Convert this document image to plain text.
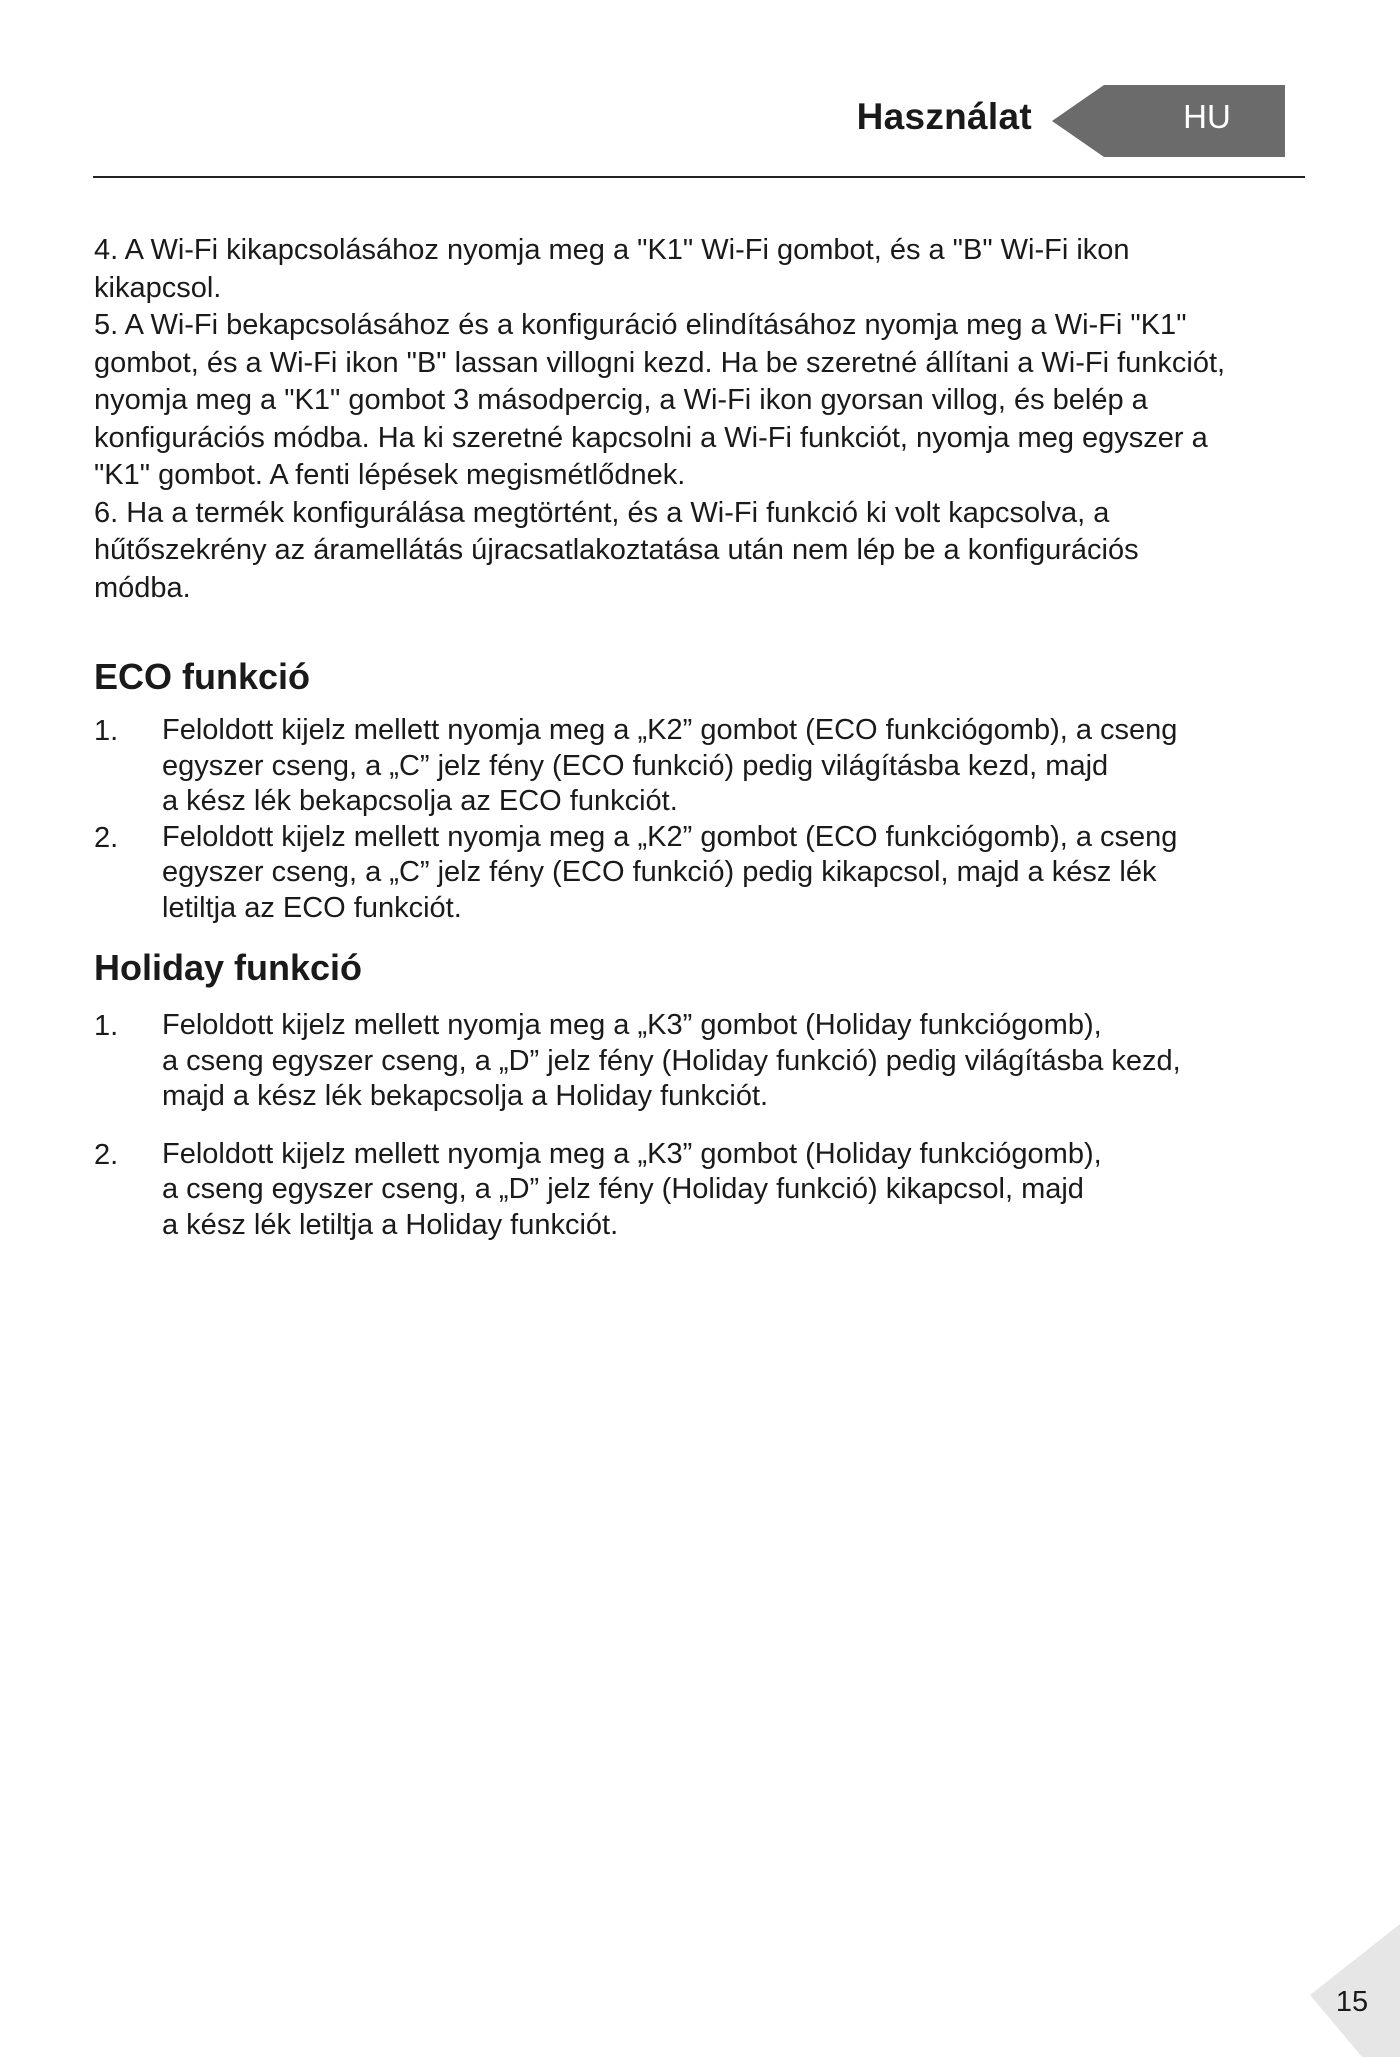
Használat	HU

4. A Wi-Fi kikapcsolásához nyomja meg a "K1" Wi-Fi gombot, és a "B" Wi-Fi ikon

kikapcsol.

5. A Wi-Fi bekapcsolásához és a konfiguráció elindításához nyomja meg a Wi-Fi "K1"

gombot, és a Wi-Fi ikon "B" lassan villogni kezd. Ha be szeretné állítani a Wi-Fi funkciót,

nyomja meg a "K1" gombot 3 másodpercig, a Wi-Fi ikon gyorsan villog, és belép a

konfigurációs módba. Ha ki szeretné kapcsolni a Wi-Fi funkciót, nyomja meg egyszer a

"K1" gombot. A fenti lépések megismétlődnek.

6. Ha a termék konfigurálása megtörtént, és a Wi-Fi funkció ki volt kapcsolva, a

hűtőszekrény az áramellátás újracsatlakoztatása után nem lép be a konfigurációs

módba.

ECO funkció
1.	Feloldott kijelz mellett nyomja meg a „K2” gombot (ECO funkciógomb), a cseng
egyszer cseng, a „C” jelz fény (ECO funkció) pedig világításba kezd, majd
a kész lék bekapcsolja az ECO funkciót.
2.	Feloldott kijelz mellett nyomja meg a „K2” gombot (ECO funkciógomb), a cseng
egyszer cseng, a „C” jelz fény (ECO funkció) pedig kikapcsol, majd a kész lék
letiltja az ECO funkciót.
Holiday funkció
1.	Feloldott kijelz mellett nyomja meg a „K3” gombot (Holiday funkciógomb),
a cseng egyszer cseng, a „D” jelz fény (Holiday funkció) pedig világításba kezd,
majd a kész lék bekapcsolja a Holiday funkciót.
2.	Feloldott kijelz mellett nyomja meg a „K3” gombot (Holiday funkciógomb),
a cseng egyszer cseng, a „D” jelz fény (Holiday funkció) kikapcsol, majd
a kész lék letiltja a Holiday funkciót.
15
